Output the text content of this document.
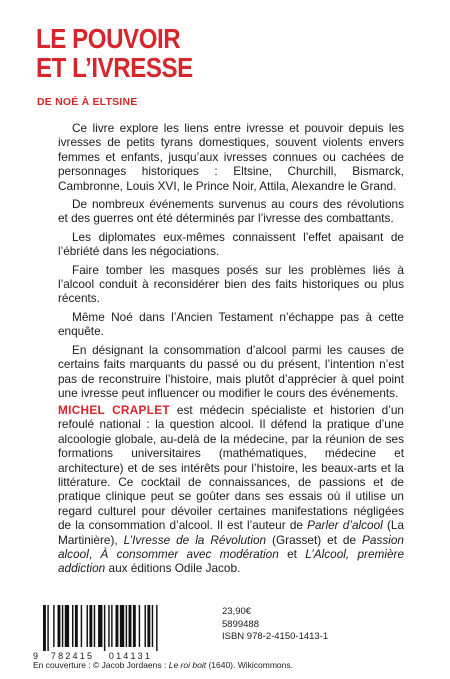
LE POUVOIR
ET L’IVRESSE
DE NOÉ À ELTSINE

Ce livre explore les liens entre ivresse et pouvoir depuis les ivresses de petits tyrans domestiques, souvent violents envers femmes et enfants, jusqu’aux ivresses connues ou cachées de personnages historiques : Eltsine, Churchill, Bismarck, Cambronne, Louis XVI, le Prince Noir, Attila, Alexandre le Grand.

De nombreux événements survenus au cours des révolutions et des guerres ont été déterminés par l’ivresse des combattants.

Les diplomates eux-mêmes connaissent l’effet apaisant de l’ébriété dans les négociations.

Faire tomber les masques posés sur les problèmes liés à l’alcool conduit à reconsidérer bien des faits historiques ou plus récents.

Même Noé dans l’Ancien Testament n’échappe pas à cette enquête.

En désignant la consommation d’alcool parmi les causes de certains faits marquants du passé ou du présent, l’intention n’est pas de reconstruire l’histoire, mais plutôt d’apprécier à quel point une ivresse peut influencer ou modifier le cours des événements.

MICHEL CRAPLET est médecin spécialiste et historien d’un refoulé national : la question alcool. Il défend la pratique d’une alcoologie globale, au-delà de la médecine, par la réunion de ses formations universitaires (mathématiques, médecine et architecture) et de ses intérêts pour l’histoire, les beaux-arts et la littérature. Ce cocktail de connaissances, de passions et de pratique clinique peut se goûter dans ses essais où il utilise un regard culturel pour dévoiler certaines manifestations négligées de la consommation d’alcool. Il est l’auteur de Parler d’alcool (La Martinière), L’Ivresse de la Révolution (Grasset) et de Passion alcool, À consommer avec modération et L’Alcool, première addiction aux éditions Odile Jacob.

9 782415 014131
23,90€
5899488
ISBN 978-2-4150-1413-1
En couverture : © Jacob Jordaens : Le roi boit (1640). Wikicommons.
